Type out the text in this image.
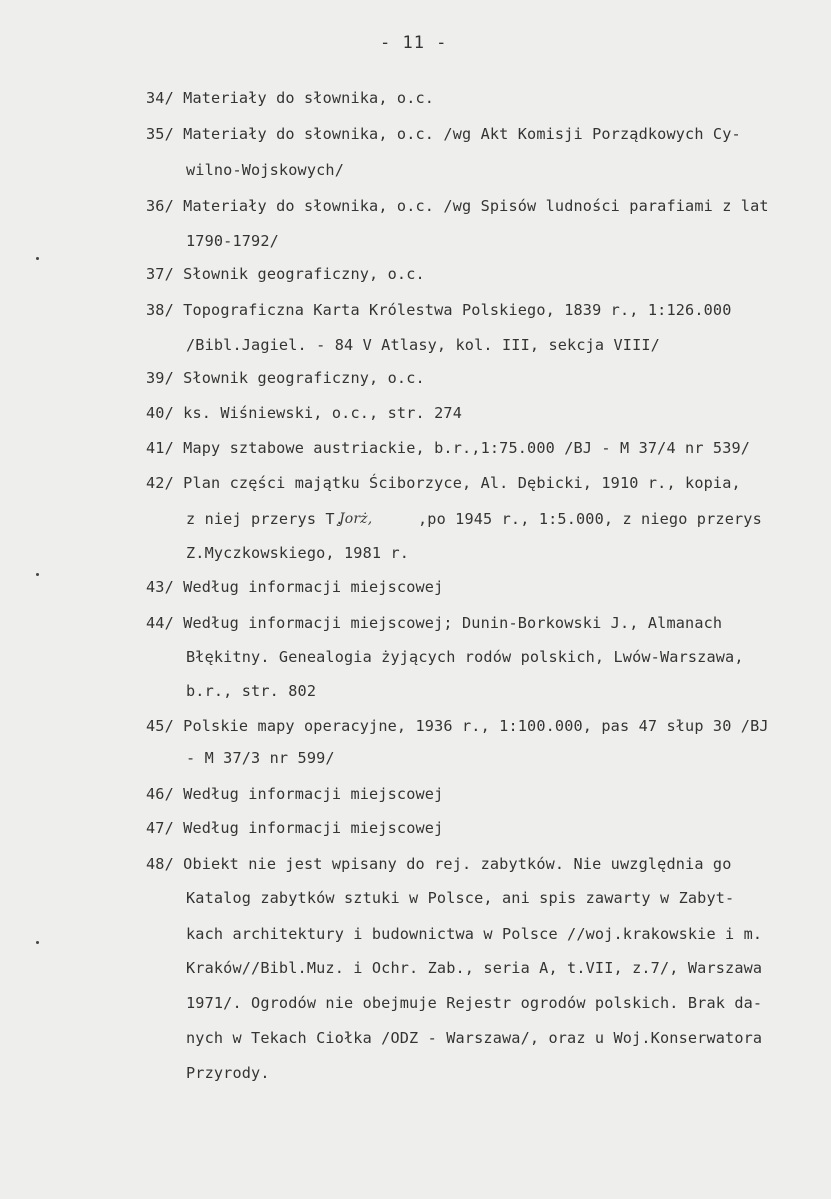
- 11 -
34/ Materiały do słownika, o.c.
35/ Materiały do słownika, o.c. /wg Akt Komisji Porządkowych Cy-
wilno-Wojskowych/
36/ Materiały do słownika, o.c. /wg Spisów ludności parafiami z lat
1790-1792/
37/ Słownik geograficzny, o.c.
38/ Topograficzna Karta Królestwa Polskiego, 1839 r., 1:126.000
/Bibl.Jagiel. - 84 V Atlasy, kol. III, sekcja VIII/
39/ Słownik geograficzny, o.c.
40/ ks. Wiśniewski, o.c., str. 274
41/ Mapy sztabowe austriackie, b.r.,1:75.000 /BJ - M 37/4 nr 539/
42/ Plan części majątku Ściborzyce, Al. Dębicki, 1910 r., kopia,
z niej przerys T.
Jorż,	,po 1945 r., 1:5.000, z niego przerys
Z.Myczkowskiego, 1981 r.
43/ Według informacji miejscowej
44/ Według informacji miejscowej; Dunin-Borkowski J., Almanach
Błękitny. Genealogia żyjących rodów polskich, Lwów-Warszawa,
b.r., str. 802
45/ Polskie mapy operacyjne, 1936 r., 1:100.000, pas 47 słup 30 /BJ
- M 37/3 nr 599/
46/ Według informacji miejscowej
47/ Według informacji miejscowej
48/ Obiekt nie jest wpisany do rej. zabytków. Nie uwzględnia go
Katalog zabytków sztuki w Polsce, ani spis zawarty w Zabyt-
kach architektury i budownictwa w Polsce //woj.krakowskie i m.
Kraków//Bibl.Muz. i Ochr. Zab., seria A, t.VII, z.7/, Warszawa
1971/. Ogrodów nie obejmuje Rejestr ogrodów polskich. Brak da-
nych w Tekach Ciołka /ODZ - Warszawa/, oraz u Woj.Konserwatora
Przyrody.
